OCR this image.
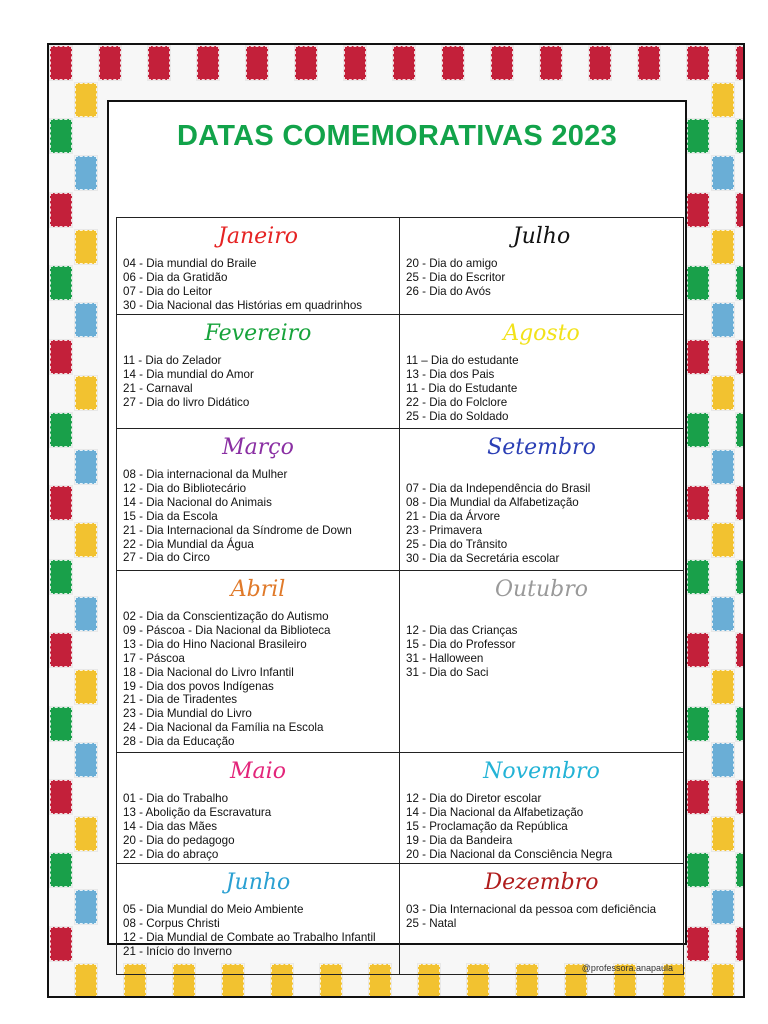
DATAS COMEMORATIVAS 2023
Janeiro
04 - Dia mundial do Braile
06 - Dia da Gratidão
07 - Dia do Leitor
30 - Dia Nacional das Histórias em quadrinhos
Julho
20 - Dia do amigo
25 - Dia do Escritor
26 - Dia do Avós
Fevereiro
11 - Dia do Zelador
14 - Dia mundial do Amor
21 - Carnaval
27 - Dia do livro Didático
Agosto
11 – Dia do estudante
13 - Dia dos Pais
11 - Dia do Estudante
22 - Dia do Folclore
25 - Dia do Soldado
Março
08 - Dia internacional da Mulher
12 - Dia do Bibliotecário
14 - Dia Nacional do Animais
15 - Dia da Escola
21 - Dia Internacional da Síndrome de Down
22 - Dia Mundial da Água
27 - Dia do Circo
Setembro
07 - Dia da Independência do Brasil
08 - Dia Mundial da Alfabetização
21 - Dia da Árvore
23 - Primavera
25 - Dia do Trânsito
30 - Dia da Secretária escolar
Abril
02 - Dia da Conscientização do Autismo
09 - Páscoa - Dia Nacional da Biblioteca
13 - Dia do Hino Nacional Brasileiro
17 - Páscoa
18 - Dia Nacional do Livro Infantil
19 - Dia dos povos Indígenas
21 - Dia de Tiradentes
23 - Dia Mundial do Livro
24 - Dia Nacional da Família na Escola
28 - Dia da Educação
Outubro
12 - Dia das Crianças
15 - Dia do Professor
31 - Halloween
31 - Dia do Saci
Maio
01 - Dia do Trabalho
13 - Abolição da Escravatura
14 - Dia das Mães
20 - Dia do pedagogo
22 - Dia do abraço
Novembro
12 - Dia do Diretor escolar
14 - Dia Nacional da Alfabetização
15 - Proclamação da República
19 - Dia da Bandeira
20 - Dia Nacional da Consciência Negra
Junho
05 - Dia Mundial do Meio Ambiente
08 - Corpus Christi
12 - Dia Mundial de Combate ao Trabalho Infantil
21 - Início do Inverno
Dezembro
03 - Dia Internacional da pessoa com deficiência
25 - Natal
@professora.anapaula
